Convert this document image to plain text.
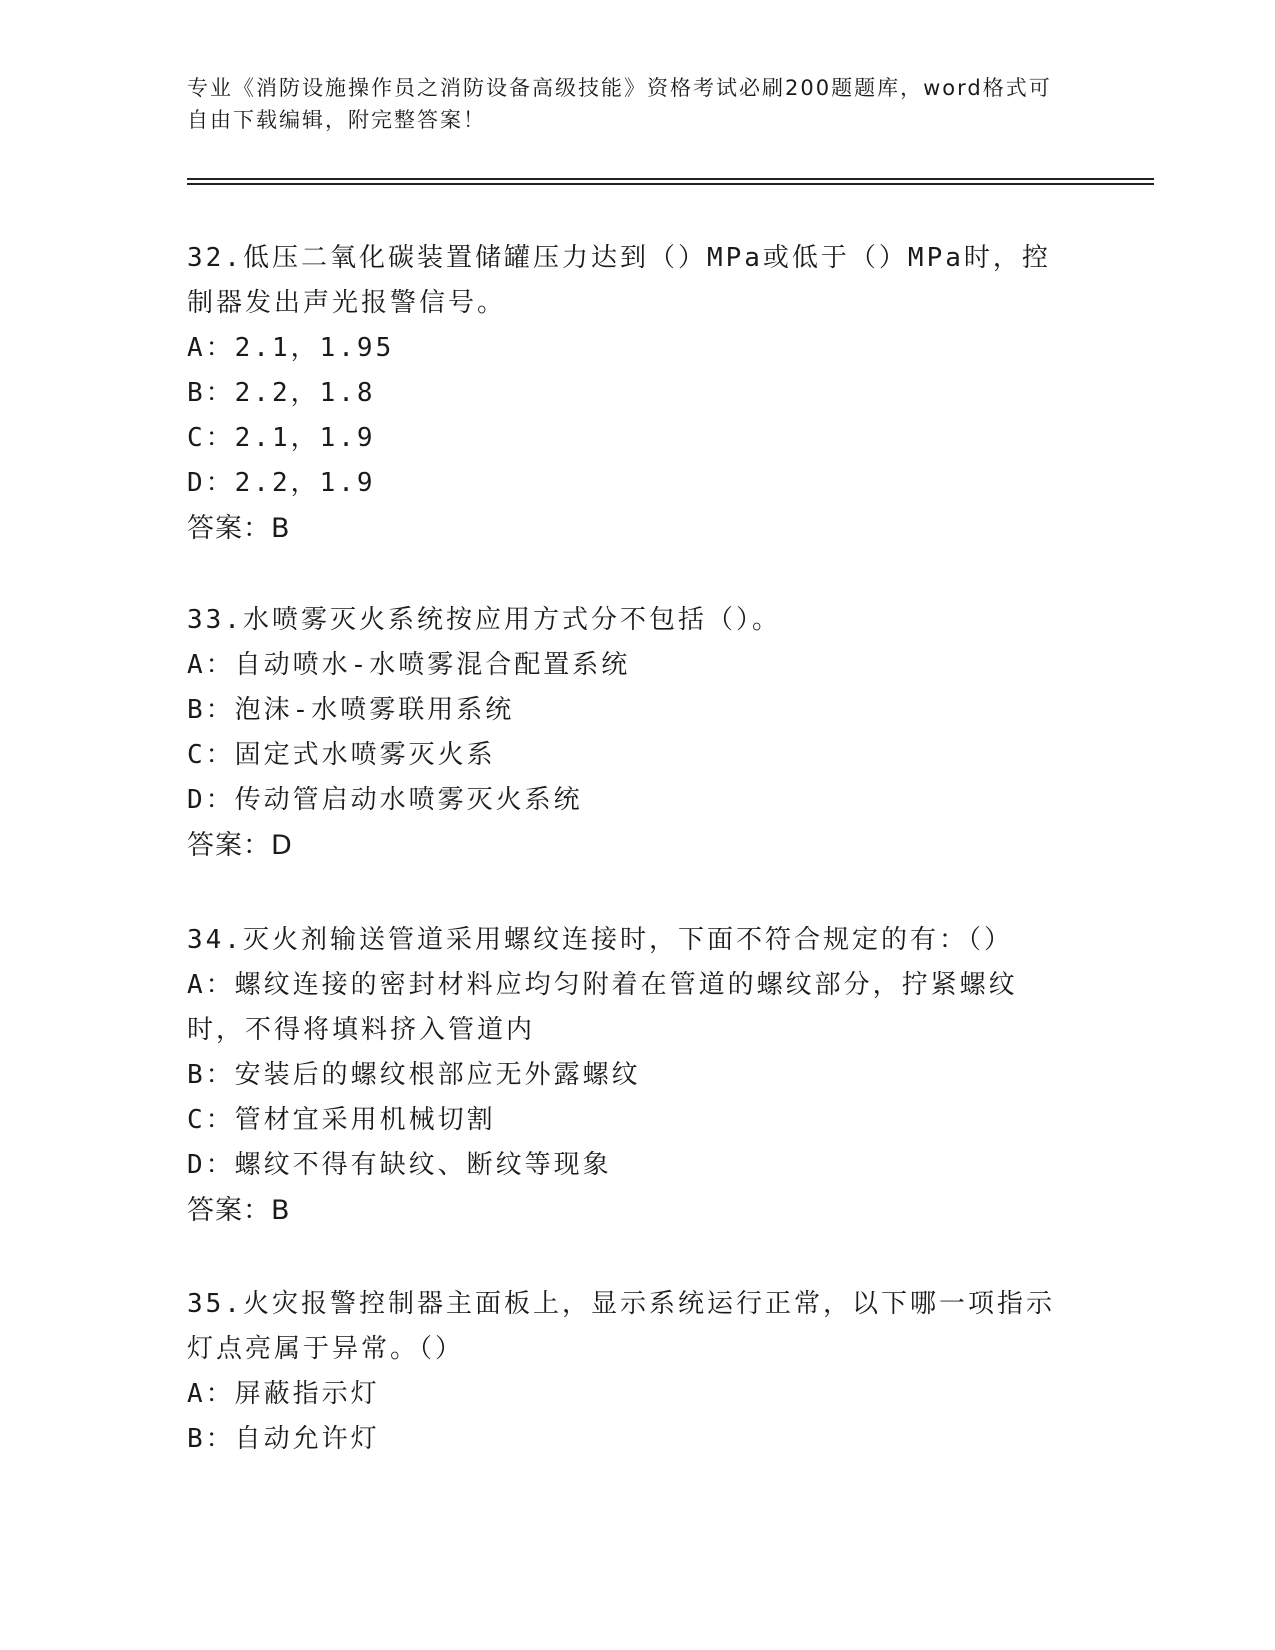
专业《消防设施操作员之消防设备高级技能》资格考试必刷200题题库，word格式可自由下载编辑，附完整答案！

32.低压二氧化碳装置储罐压力达到（）MPa或低于（）MPa时，控制器发出声光报警信号。

A：2.1，1.95

B：2.2，1.8

C：2.1，1.9

D：2.2，1.9

答案：B

33.水喷雾灭火系统按应用方式分不包括（）。

A：自动喷水-水喷雾混合配置系统

B：泡沫-水喷雾联用系统

C：固定式水喷雾灭火系

D：传动管启动水喷雾灭火系统

答案：D

34.灭火剂输送管道采用螺纹连接时，下面不符合规定的有：（）

A：螺纹连接的密封材料应均匀附着在管道的螺纹部分，拧紧螺纹时，不得将填料挤入管道内

B：安装后的螺纹根部应无外露螺纹

C：管材宜采用机械切割

D：螺纹不得有缺纹、断纹等现象

答案：B

35.火灾报警控制器主面板上，显示系统运行正常，以下哪一项指示灯点亮属于异常。（）

A：屏蔽指示灯

B：自动允许灯
